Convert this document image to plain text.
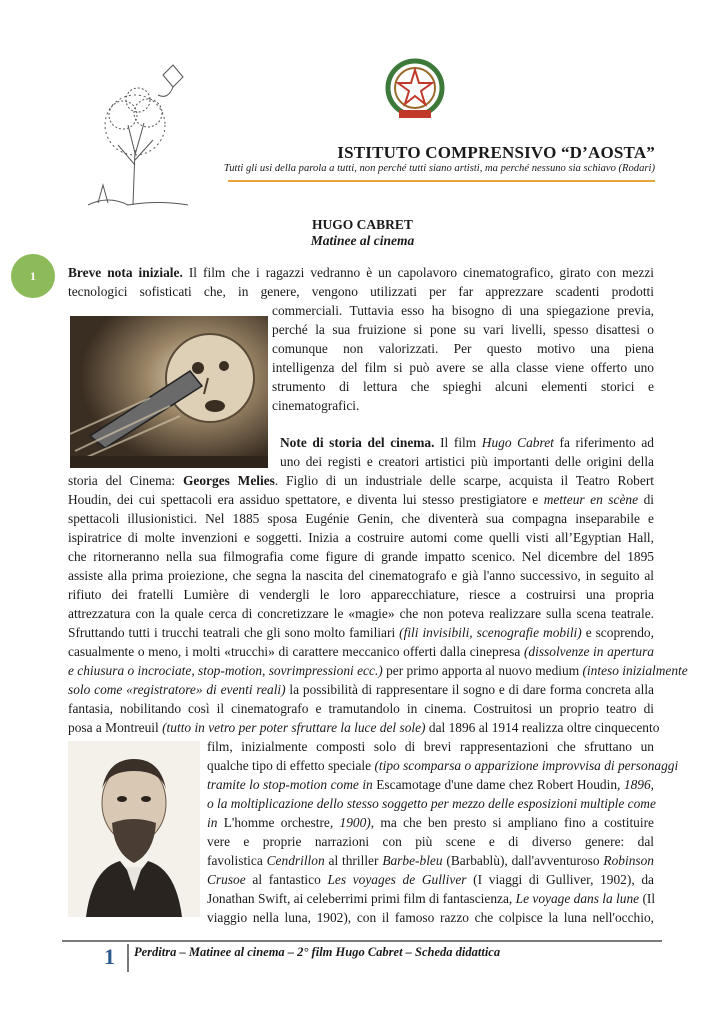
ISTITUTO COMPRENSIVO “D’AOSTA”
Tutti gli usi della parola a tutti, non perché tutti siano artisti, ma perché nessuno sia schiavo (Rodari)
HUGO CABRET
Matinee al cinema
1	Breve nota iniziale. Il film che i ragazzi vedranno è un capolavoro cinematografico, girato con mezzi
tecnologici sofisticati che, in genere, vengono utilizzati per far apprezzare scadenti prodotti
commerciali. Tuttavia esso ha bisogno di una spiegazione previa,
perché la sua fruizione si pone su vari livelli, spesso disattesi o
comunque non valorizzati. Per questo motivo una piena
intelligenza del film si può avere se alla classe viene offerto uno
strumento di lettura che spieghi alcuni elementi storici e
cinematografici.
Note di storia del cinema. Il film Hugo Cabret fa riferimento ad
uno dei registi e creatori artistici più importanti delle origini della
storia del Cinema: Georges Melies. Figlio di un industriale delle scarpe, acquista il Teatro Robert
Houdin, dei cui spettacoli era assiduo spettatore, e diventa lui stesso prestigiatore e metteur en scène di
spettacoli illusionistici. Nel 1885 sposa Eugénie Genin, che diventerà sua compagna inseparabile e
ispiratrice di molte invenzioni e soggetti. Inizia a costruire automi come quelli visti all’Egyptian Hall,
che ritorneranno nella sua filmografia come figure di grande impatto scenico. Nel dicembre del 1895
assiste alla prima proiezione, che segna la nascita del cinematografo e già l'anno successivo, in seguito al
rifiuto dei fratelli Lumière di vendergli le loro apparecchiature, riesce a costruirsi una propria
attrezzatura con la quale cerca di concretizzare le «magie» che non poteva realizzare sulla scena teatrale.
Sfruttando tutti i trucchi teatrali che gli sono molto familiari (fili invisibili, scenografie mobili) e scoprendo,
casualmente o meno, i molti «trucchi» di carattere meccanico offerti dalla cinepresa (dissolvenze in apertura
e chiusura o incrociate, stop-motion, sovrimpressioni ecc.) per primo apporta al nuovo medium (inteso inizialmente
solo come «registratore» di eventi reali) la possibilità di rappresentare il sogno e di dare forma concreta alla
fantasia, nobilitando così il cinematografo e tramutandolo in cinema. Costruitosi un proprio teatro di
posa a Montreuil (tutto in vetro per poter sfruttare la luce del sole) dal 1896 al 1914 realizza oltre cinquecento
film, inizialmente composti solo di brevi rappresentazioni che sfruttano un
qualche tipo di effetto speciale (tipo scomparsa o apparizione improvvisa di personaggi
tramite lo stop-motion come in Escamotage d'une dame chez Robert Houdin, 1896,
o la moltiplicazione dello stesso soggetto per mezzo delle esposizioni multiple come
in L'homme orchestre, 1900), ma che ben presto si ampliano fino a costituire
vere e proprie narrazioni con più scene e di diverso genere: dal
favolistica Cendrillon al thriller Barbe-bleu (Barbablù), dall'avventuroso Robinson
Crusoe al fantastico Les voyages de Gulliver (I viaggi di Gulliver, 1902), da
Jonathan Swift, ai celeberrimi primi film di fantascienza, Le voyage dans la lune (Il
viaggio nella luna, 1902), con il famoso razzo che colpisce la luna nell'occhio,
1 Perditra – Matinee al cinema – 2° film Hugo Cabret – Scheda didattica
